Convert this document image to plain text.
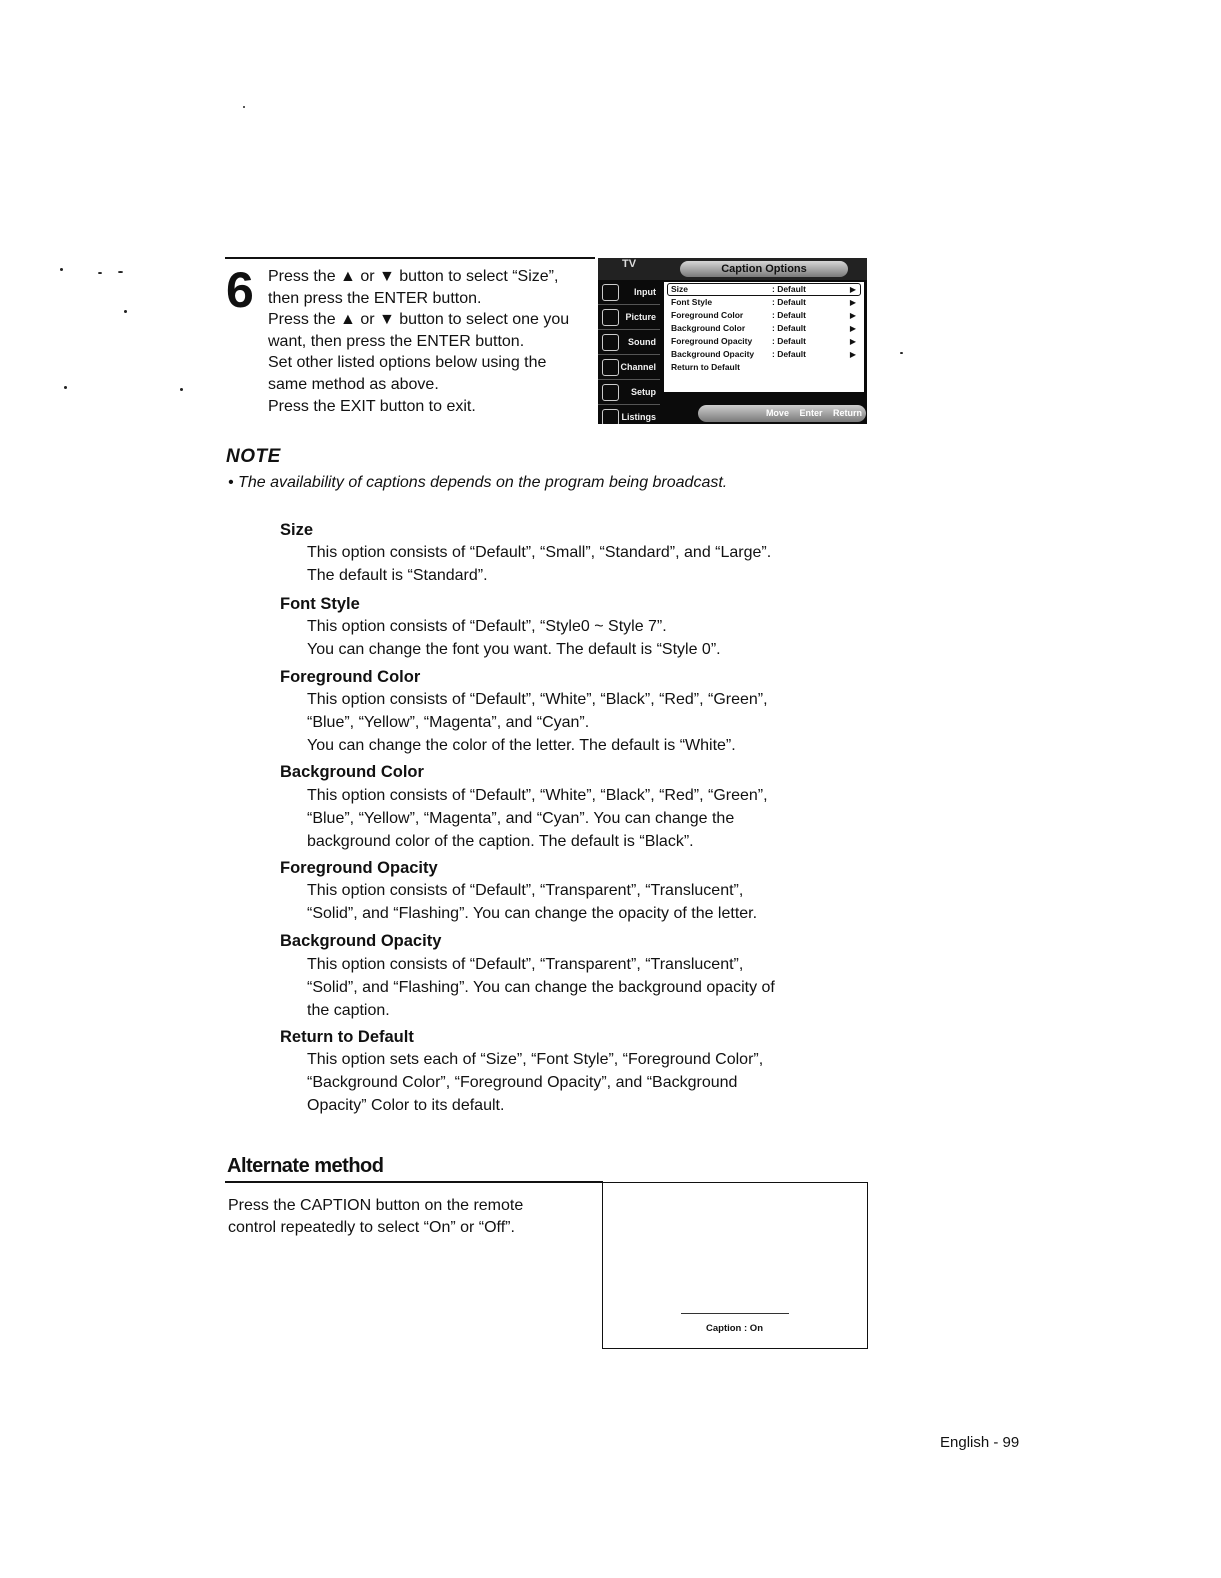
6 Press the ▲ or ▼ button to select “Size”,
then press the ENTER button.
Press the ▲ or ▼ button to select one you
want, then press the ENTER button.
Set other listed options below using the
same method as above.
Press the EXIT button to exit.
TV	Caption Options
Input
Picture
Sound
Channel
Setup
Listings
Size	: Default	▶
Font Style	: Default	▶
Foreground Color	: Default	▶
Background Color	: Default	▶
Foreground Opacity : Default	▶
Background Opacity : Default	▶
Return to Default
Move Enter Return
NOTE
• The availability of captions depends on the program being broadcast.
Size
This option consists of “Default”, “Small”, “Standard”, and “Large”.
The default is “Standard”.
Font Style
This option consists of “Default”, “Style0 ~ Style 7”.
You can change the font you want. The default is “Style 0”.
Foreground Color
This option consists of “Default”, “White”, “Black”, “Red”, “Green”,
“Blue”, “Yellow”, “Magenta”, and “Cyan”.
You can change the color of the letter. The default is “White”.
Background Color
This option consists of “Default”, “White”, “Black”, “Red”, “Green”,
“Blue”, “Yellow”, “Magenta”, and “Cyan”. You can change the
background color of the caption. The default is “Black”.
Foreground Opacity
This option consists of “Default”, “Transparent”, “Translucent”,
“Solid”, and “Flashing”. You can change the opacity of the letter.
Background Opacity
This option consists of “Default”, “Transparent”, “Translucent”,
“Solid”, and “Flashing”. You can change the background opacity of
the caption.
Return to Default
This option sets each of “Size”, “Font Style”, “Foreground Color”,
“Background Color”, “Foreground Opacity”, and “Background
Opacity” Color to its default.
Alternate method
Press the CAPTION button on the remote
control repeatedly to select “On” or “Off”.
Caption : On
English - 99
